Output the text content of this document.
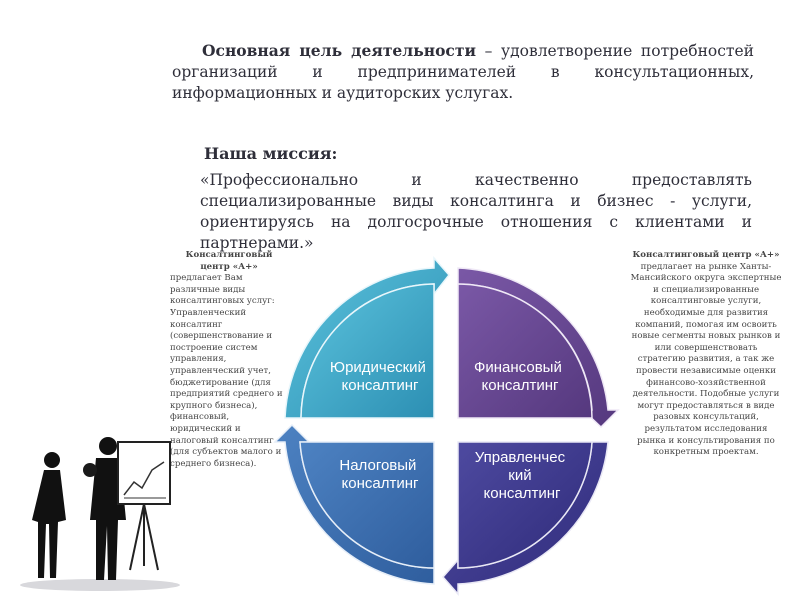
Основная цель деятельности – удовлетворение потребностей организаций и предпринимателей в консультационных, информационных и аудиторских услугах.
Наша миссия:
«Профессионально и качественно предоставлять специализированные виды консалтинга и бизнес - услуги, ориентируясь на долгосрочные отношения с клиентами и партнерами.»
Консалтинговый центр «А+»
предлагает Вам различные виды консалтинговых услуг: Управленческий консалтинг (совершенствование и построение систем управления, управленческий учет, бюджетирование (для предприятий среднего и крупного бизнеса), финансовый, юридический и налоговый консалтинг (для субъектов малого и среднего бизнеса).
Консалтинговый центр «А+» предлагает на рынке Ханты-Мансийского округа экспертные и специализированные консалтинговые услуги, необходимые для развития компаний, помогая им освоить новые сегменты новых рынков и или совершенствовать стратегию развития, а так же провести независимые оценки финансово-хозяйственной деятельности. Подобные услуги могут предоставляться в виде разовых консультаций, результатом исследования рынка и консультирования по конкретным проектам.
Юридический консалтинг
Финансовый консалтинг
Налоговый консалтинг
Управленчес кий консалтинг
